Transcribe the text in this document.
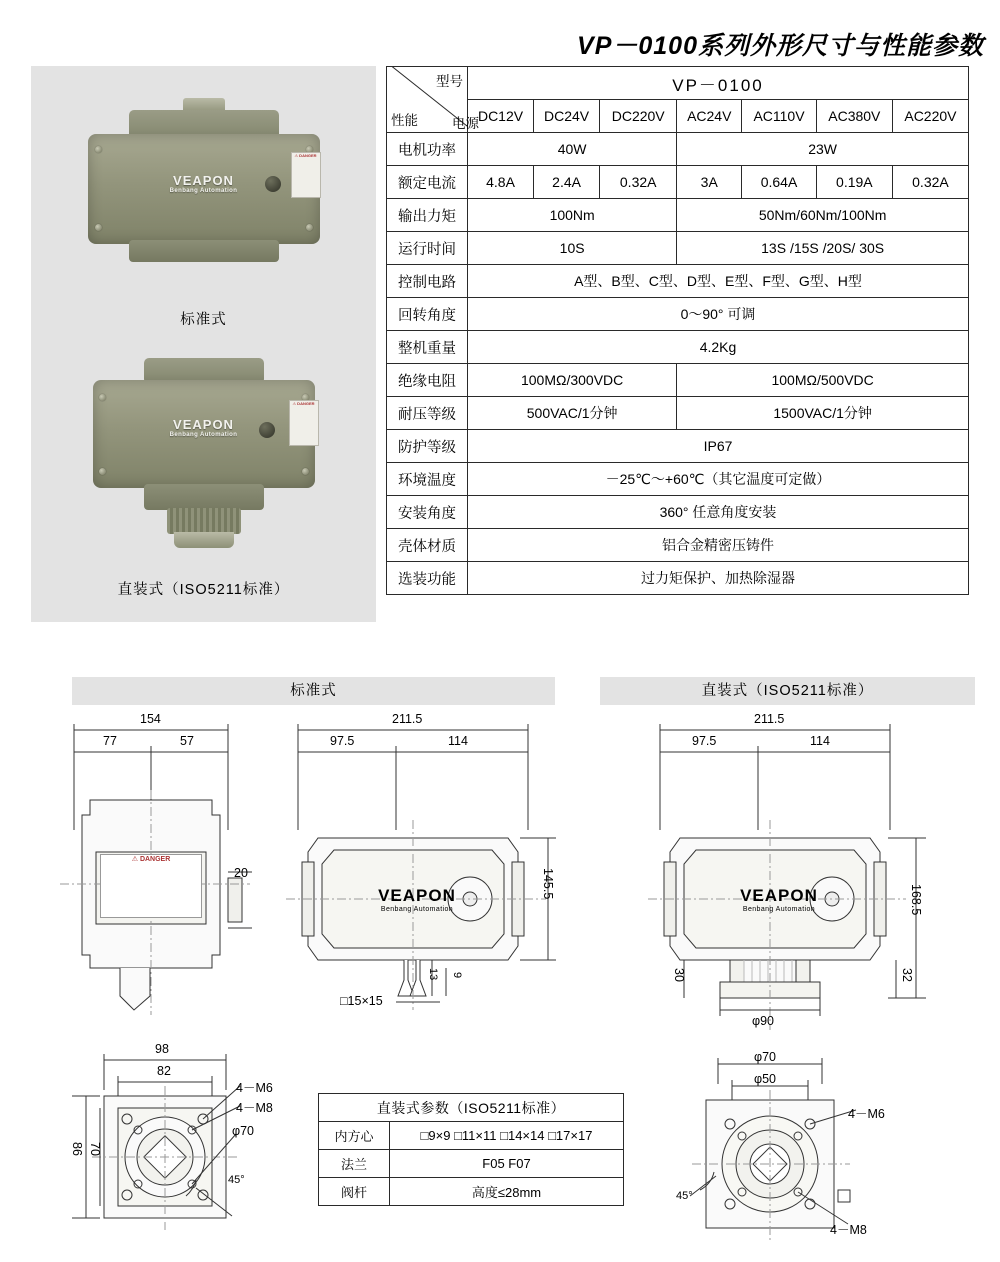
VP－0100系列外形尺寸与性能参数
VEAPON
Benbang Automation
⚠ DANGER
标准式
VEAPON
Benbang Automation
⚠ DANGER
直装式（ISO5211标准）
型号
性能	VP－0100						
	DC12V	DC24V	DC220V	AC24V	AC110V	AC380V	AC220V
电机功率	40W			23W			
额定电流	4.8A	2.4A	0.32A	3A	0.64A	0.19A	0.32A
输出力矩	100Nm			50Nm/60Nm/100Nm			
运行时间	10S			13S /15S /20S/ 30S			
控制电路	A型、B型、C型、D型、E型、F型、G型、H型						
回转角度	0～90° 可调						
整机重量	4.2Kg						
绝缘电阻	100MΩ/300VDC			100MΩ/500VDC			
耐压等级	500VAC/1分钟			1500VAC/1分钟			
防护等级	IP67						
环境温度	－25℃～+60℃（其它温度可定做）						
安装角度	360° 任意角度安装						
壳体材质	铝合金精密压铸件						
选装功能	过力矩保护、加热除湿器						
电源
标准式	直装式（ISO5211标准）
154
77	57
20
⚠ DANGER
211.5
97.5
145.5
114
□15×15
13 9
VEAPON
Benbang Automation
211.5
97.5	114
168.5
30	32
φ90
VEAPON
Benbang Automation
98
82
86 70
4－M6
4－M8
φ70
45°
φ70
φ50
4－M6
4－M8
45°
直装式参数（ISO5211标准）	
内方心	□9×9 □11×11 □14×14 □17×17
法兰	F05 F07
阀杆	高度≤28mm
